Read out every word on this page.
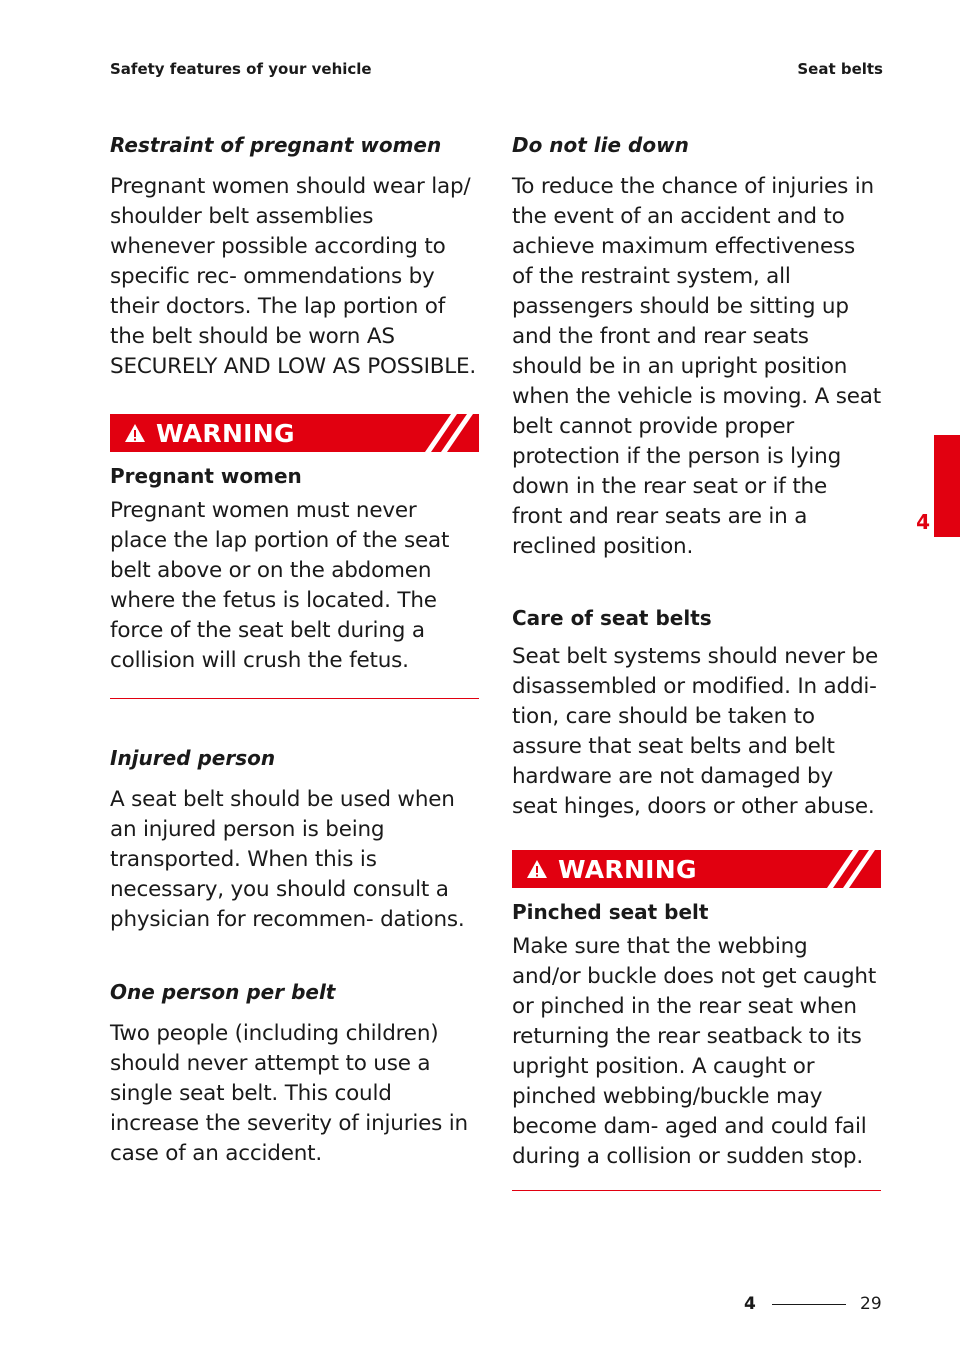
Safety features of your vehicle	Seat belts
Restraint of pregnant women

Pregnant women should wear lap/ shoulder belt assemblies whenever possible according to specific rec- ommendations by their doctors. The lap portion of the belt should be worn AS SECURELY AND LOW AS POSSIBLE.

WARNING
Pregnant women

Pregnant women must never place the lap portion of the seat belt above or on the abdomen where the fetus is located. The force of the seat belt during a collision will crush the fetus.

Injured person

A seat belt should be used when an injured person is being transported. When this is necessary, you should consult a physician for recommen- dations.

One person per belt

Two people (including children) should never attempt to use a single seat belt. This could increase the severity of injuries in case of an accident.

Do not lie down

To reduce the chance of injuries in the event of an accident and to achieve maximum effectiveness of the restraint system, all passengers should be sitting up and the front and rear seats should be in an upright position when the vehicle is moving. A seat belt cannot provide proper protection if the person is lying down in the rear seat or if the front and rear seats are in a reclined position.

Care of seat belts

Seat belt systems should never be disassembled or modified. In addi- tion, care should be taken to assure that seat belts and belt hardware are not damaged by seat hinges, doors or other abuse.

WARNING
Pinched seat belt

Make sure that the webbing and/or buckle does not get caught or pinched in the rear seat when returning the rear seatback to its upright position. A caught or pinched webbing/buckle may become dam- aged and could fail during a collision or sudden stop.

4
4	29
